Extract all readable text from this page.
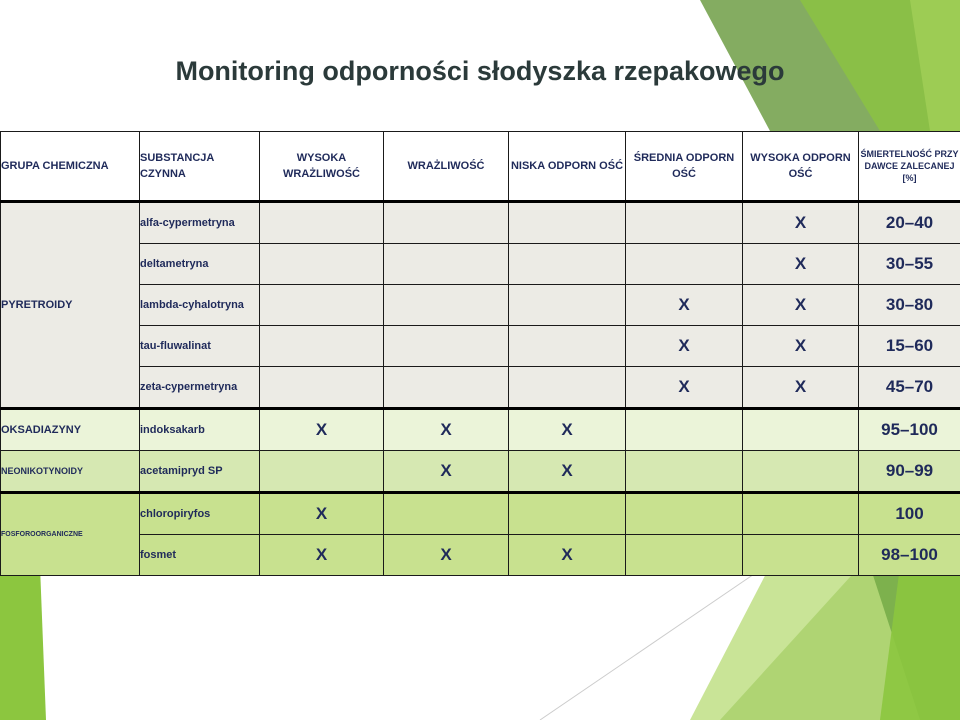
Monitoring odporności słodyszka rzepakowego
GRUPA CHEMICZNA	SUBSTANCJA CZYNNA	WYSOKA WRAŻLIWOŚĆ	WRAŻLIWOŚĆ	NISKA ODPORN OŚĆ	ŚREDNIA ODPORN OŚĆ	WYSOKA ODPORN OŚĆ	ŚMIERTELNOŚĆ PRZY DAWCE ZALECANEJ [%]
PYRETROIDY	alfa-cypermetryna					X	20–40
	deltametryna					X	30–55
	lambda-cyhalotryna				X	X	30–80
	tau-fluwalinat				X	X	15–60
	zeta-cypermetryna				X	X	45–70
OKSADIAZYNY	indoksakarb	X	X	X			95–100
NEONIKOTYNOIDY	acetamipryd SP		X	X			90–99
FOSFOROORGANICZNE	chloropiryfos	X					100
	fosmet	X	X	X			98–100
